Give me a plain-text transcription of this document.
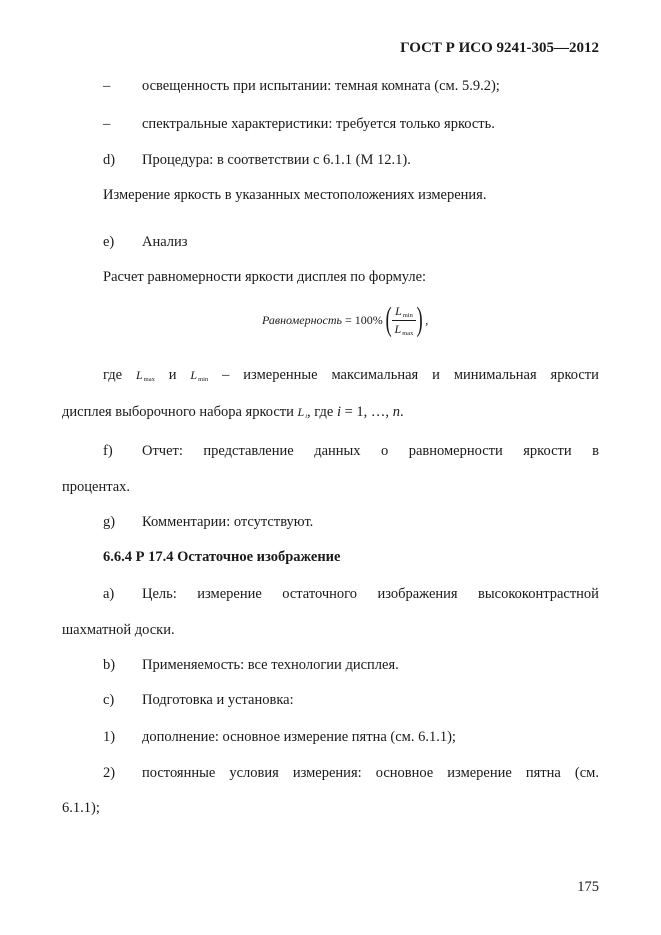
ГОСТ Р ИСО 9241-305—2012
– освещенность при испытании: темная комната (см. 5.9.2);
– спектральные характеристики: требуется только яркость.
d) Процедура: в соответствии с 6.1.1 (М 12.1).
Измерение яркость в указанных местоположениях измерения.
e) Анализ
Расчет равномерности яркости дисплея по формуле:
Равномерность = 100% ( $\frac{L_{min}}{L_{max}}$ ) ,
где $L_{max}$ и $L_{min}$ – измеренные максимальная и минимальная яркости
дисплея выборочного набора яркости $L_i$, где i = 1, …, n.
f) Отчет: представление данных о равномерности яркости в
процентах.
g) Комментарии: отсутствуют.
6.6.4 Р 17.4 Остаточное изображение
a) Цель: измерение остаточного изображения высококонтрастной
шахматной доски.
b) Применяемость: все технологии дисплея.
c) Подготовка и установка:
1) дополнение: основное измерение пятна (см. 6.1.1);
2) постоянные условия измерения: основное измерение пятна (см.
6.1.1);
175
